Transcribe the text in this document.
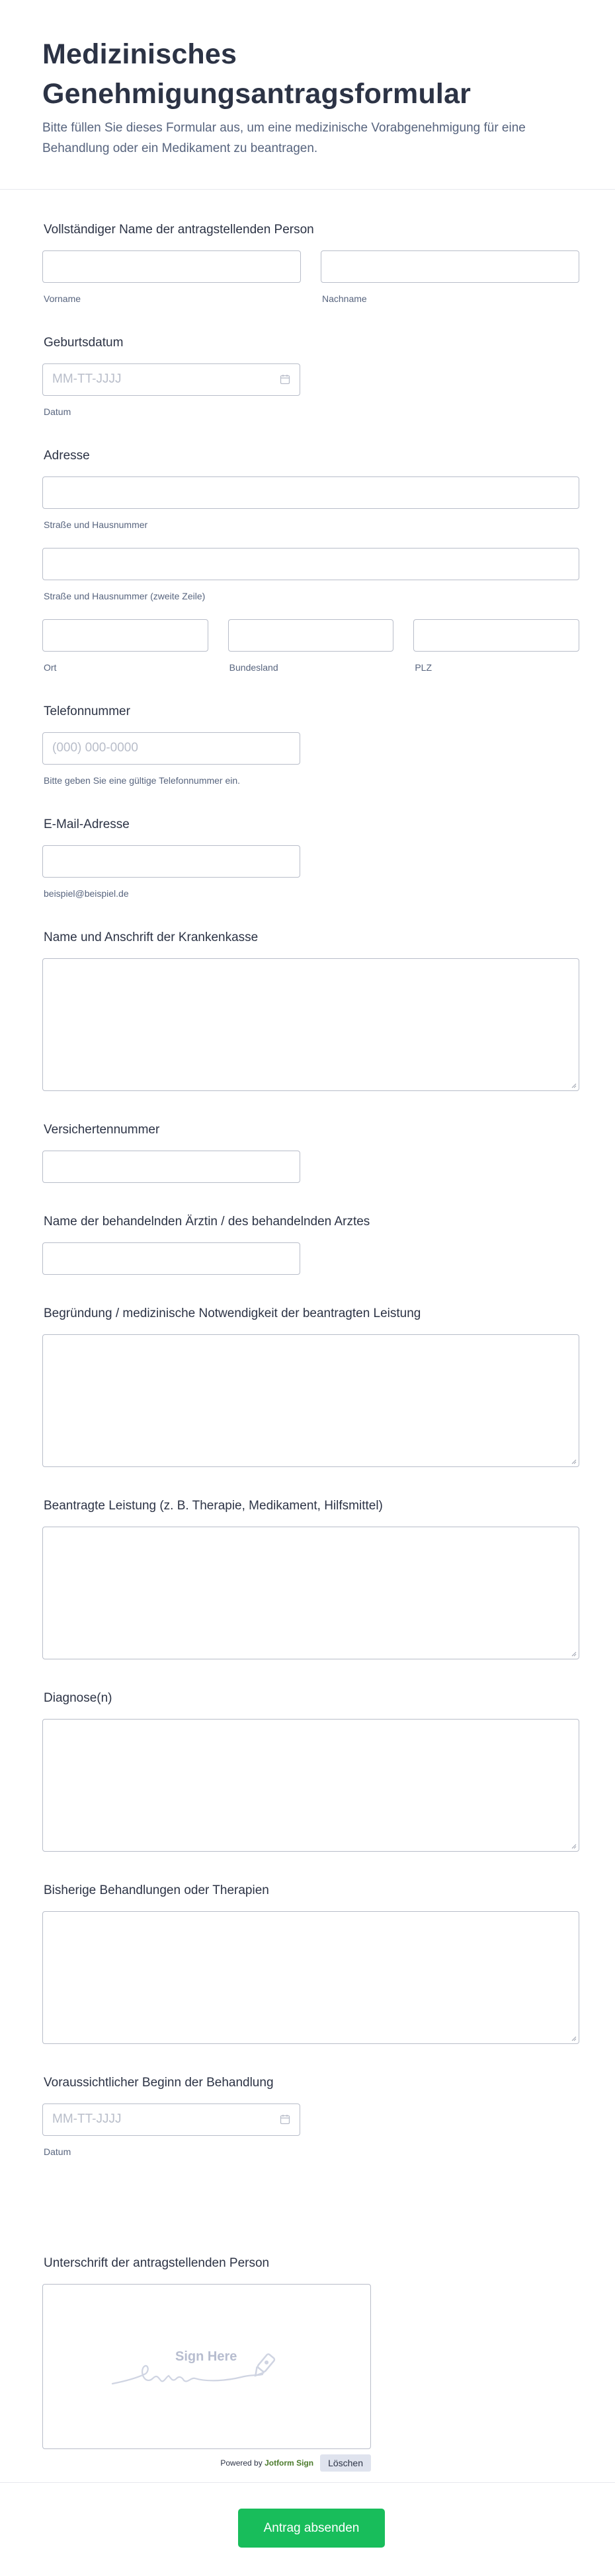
Medizinisches Genehmigungsantragsformular

Bitte füllen Sie dieses Formular aus, um eine medizinische Vorabgenehmigung für eine Behandlung oder ein Medikament zu beantragen.

Vollständiger Name der antragstellenden Person
Vorname	Nachname
Geburtsdatum
MM-TT-JJJJ
Datum
Adresse
Straße und Hausnummer
Straße und Hausnummer (zweite Zeile)
Ort	Bundesland	PLZ
Telefonnummer
(000) 000-0000
Bitte geben Sie eine gültige Telefonnummer ein.
E-Mail-Adresse
beispiel@beispiel.de
Name und Anschrift der Krankenkasse
Versichertennummer
Name der behandelnden Ärztin / des behandelnden Arztes
Begründung / medizinische Notwendigkeit der beantragten Leistung
Beantragte Leistung (z. B. Therapie, Medikament, Hilfsmittel)
Diagnose(n)
Bisherige Behandlungen oder Therapien
Voraussichtlicher Beginn der Behandlung
MM-TT-JJJJ
Datum
Unterschrift der antragstellenden Person
Sign Here
Powered by Jotform Sign	Löschen
Antrag absenden
